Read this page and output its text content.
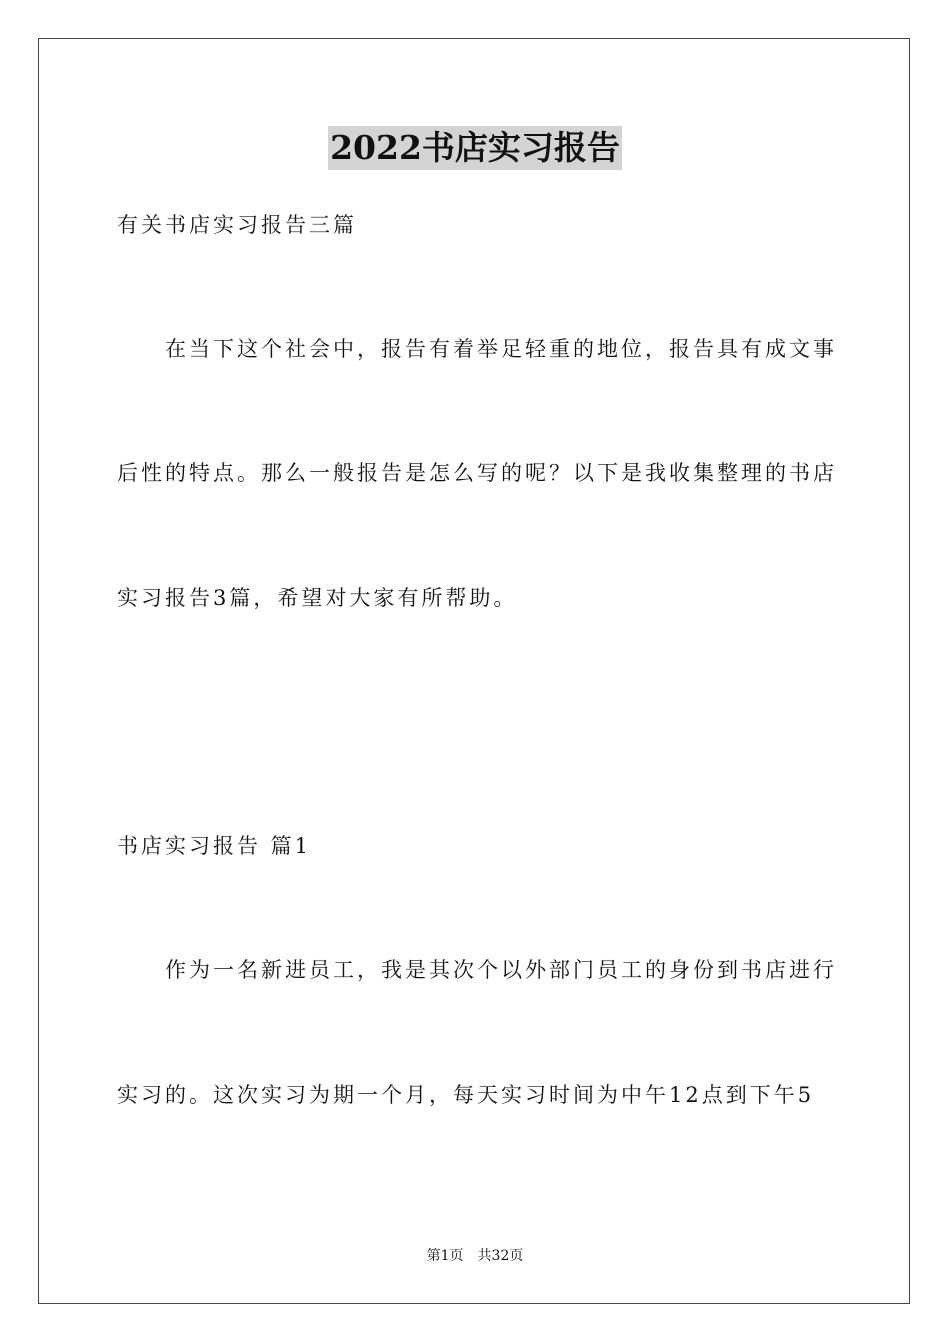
2022书店实习报告
有关书店实习报告三篇
在当下这个社会中，报告有着举足轻重的地位，报告具有成文事
后性的特点。那么一般报告是怎么写的呢？以下是我收集整理的书店
实习报告3篇，希望对大家有所帮助。
书店实习报告 篇1
作为一名新进员工，我是其次个以外部门员工的身份到书店进行
实习的。这次实习为期一个月，每天实习时间为中午12点到下午5
第1页 共32页
